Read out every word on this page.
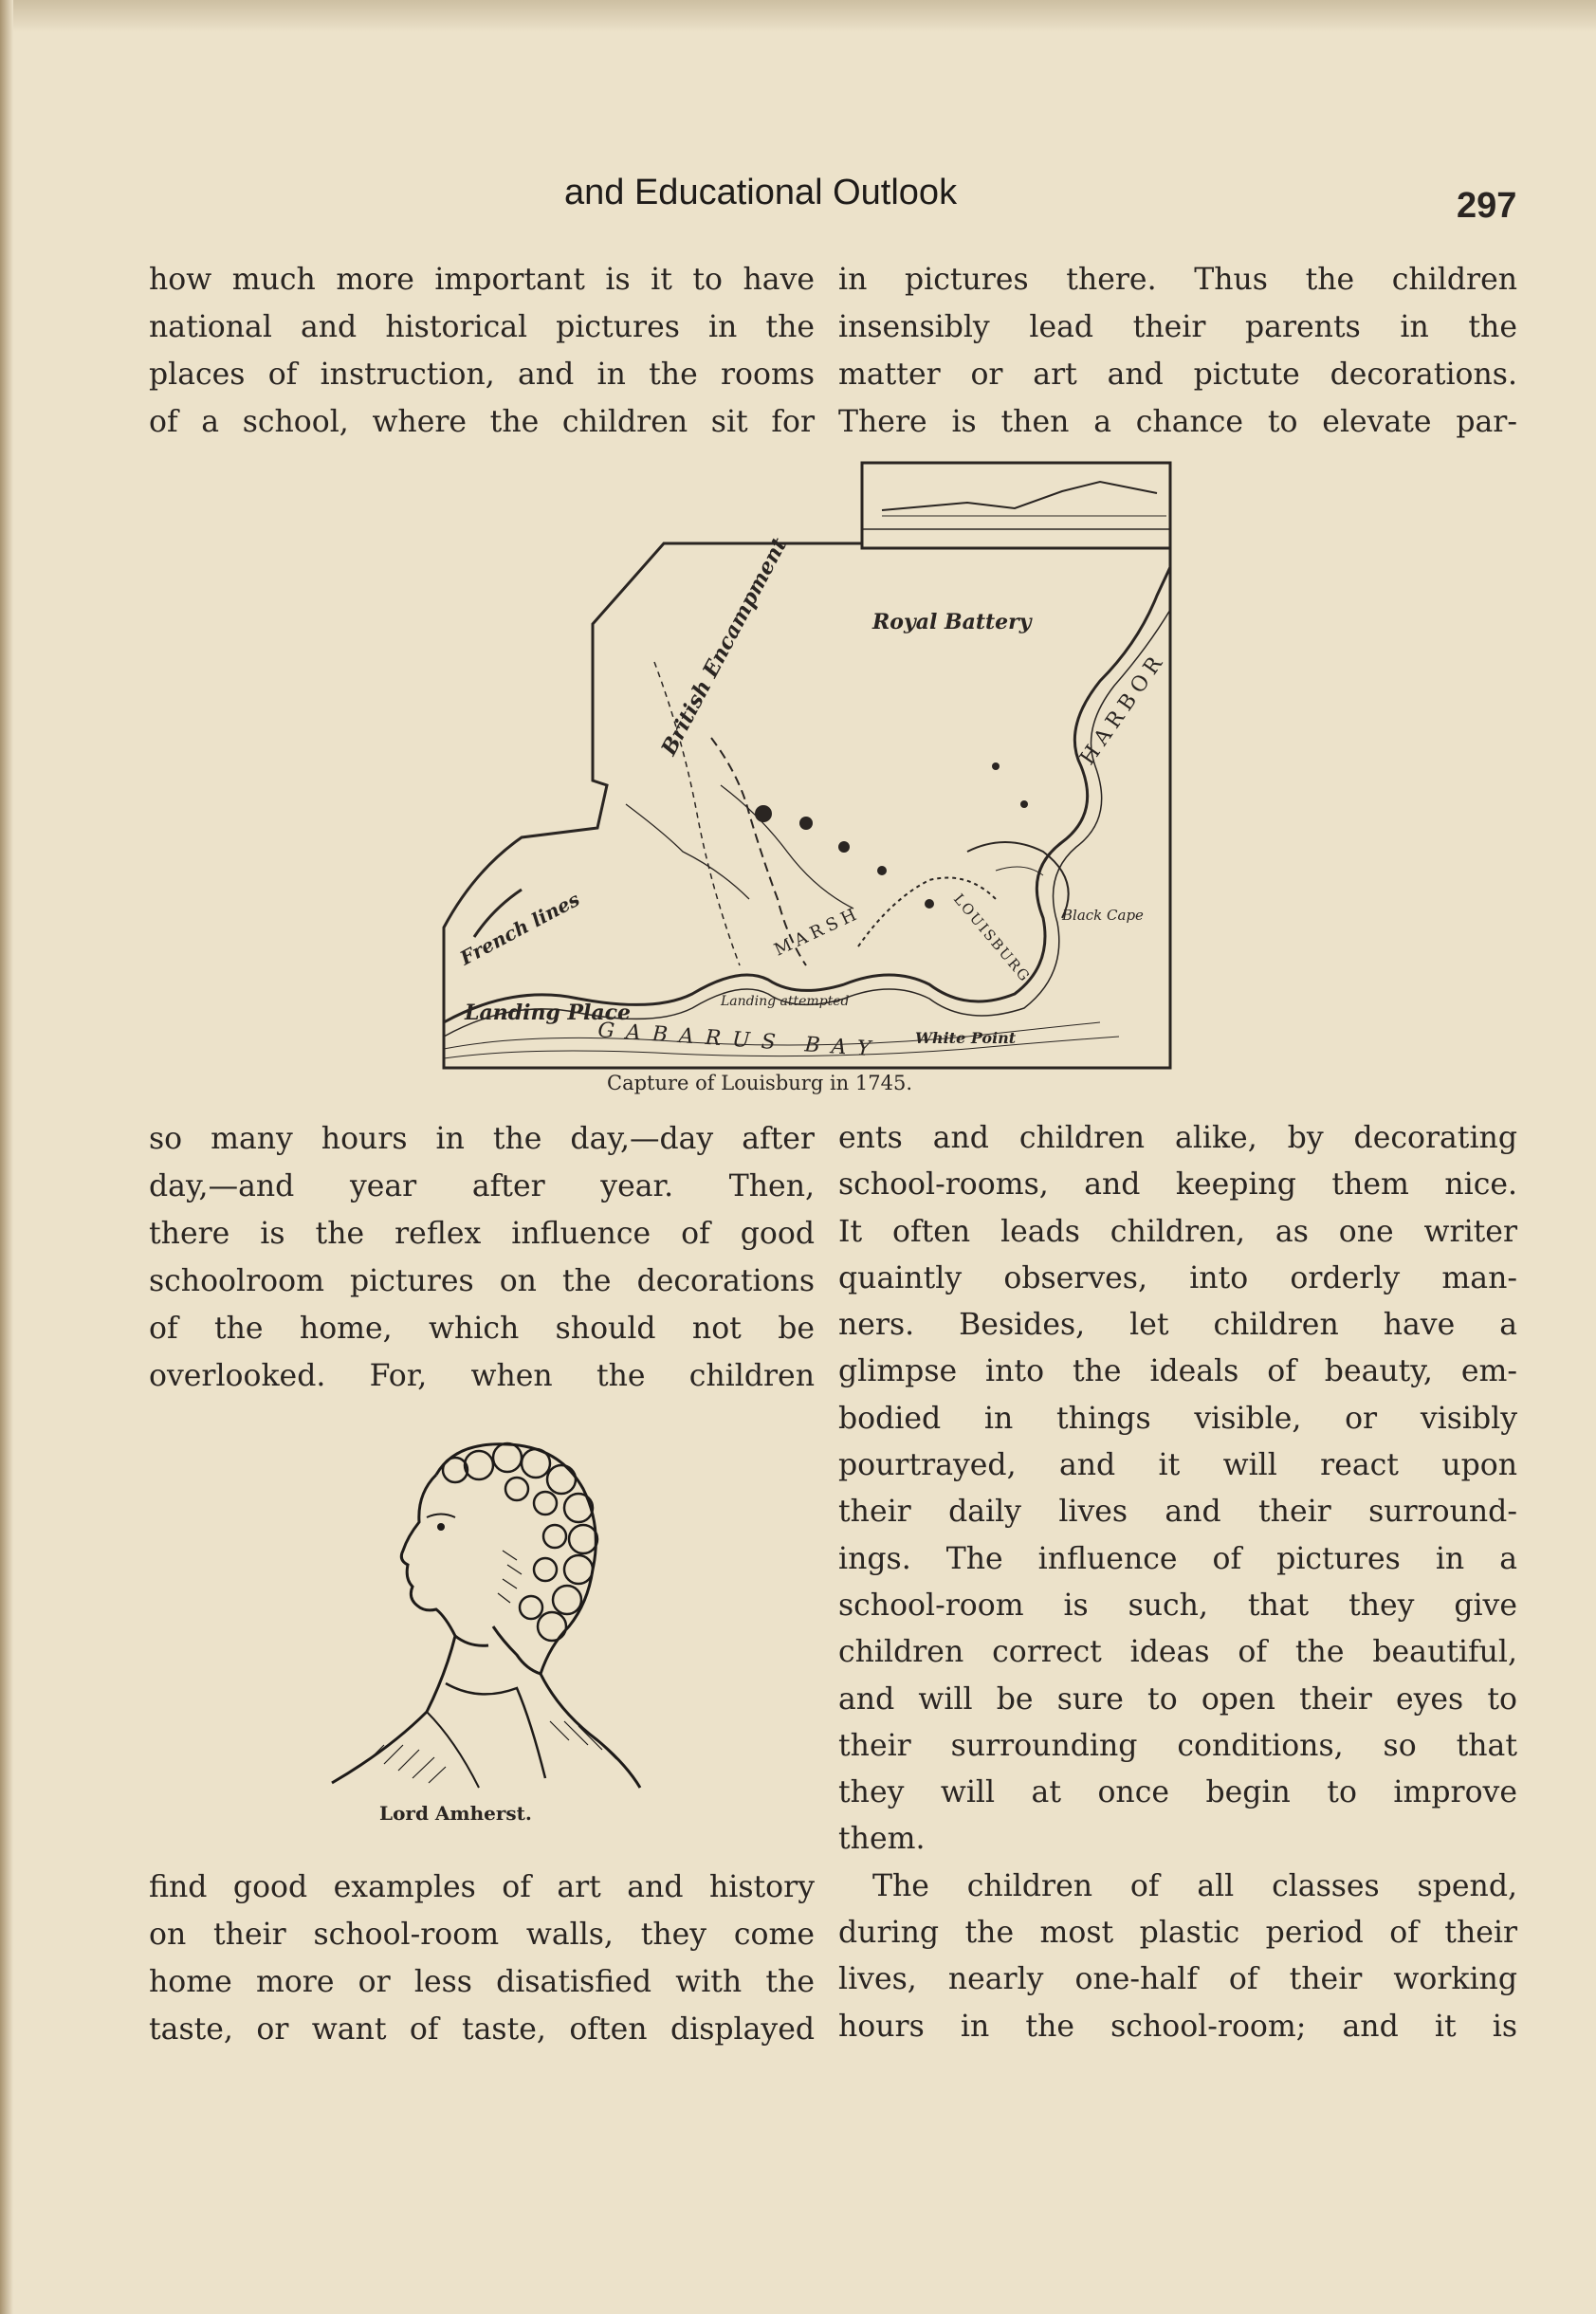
and Educational Outlook	297
how much more important is it to have
national and historical pictures in the
places of instruction, and in the rooms
of a school, where the children sit for
in pictures there. Thus the children
insensibly lead their parents in the
matter or art and pictute decorations.
There is then a chance to elevate par-
Royal Battery
British Encampment	HARBOR
French lines	MARSH	LOUISBURG Black Cape
Landing Place	Landing attempted
White Point
GABARUS BAY
Capture of Louisburg in 1745.
so many hours in the day,—day after
day,—and year after year. Then,
there is the reflex influence of good
schoolroom pictures on the decorations
of the home, which should not be
overlooked. For, when the children
Lord Amherst.
find good examples of art and history
on their school-room walls, they come
home more or less disatisfied with the
taste, or want of taste, often displayed
ents and children alike, by decorating
school-rooms, and keeping them nice.
It often leads children, as one writer
quaintly observes, into orderly man-
ners. Besides, let children have a
glimpse into the ideals of beauty, em-
bodied in things visible, or visibly
pourtrayed, and it will react upon
their daily lives and their surround-
ings. The influence of pictures in a
school-room is such, that they give
children correct ideas of the beautiful,
and will be sure to open their eyes to
their surrounding conditions, so that
they will at once begin to improve
them.
The children of all classes spend,
during the most plastic period of their
lives, nearly one-half of their working
hours in the school-room; and it is
